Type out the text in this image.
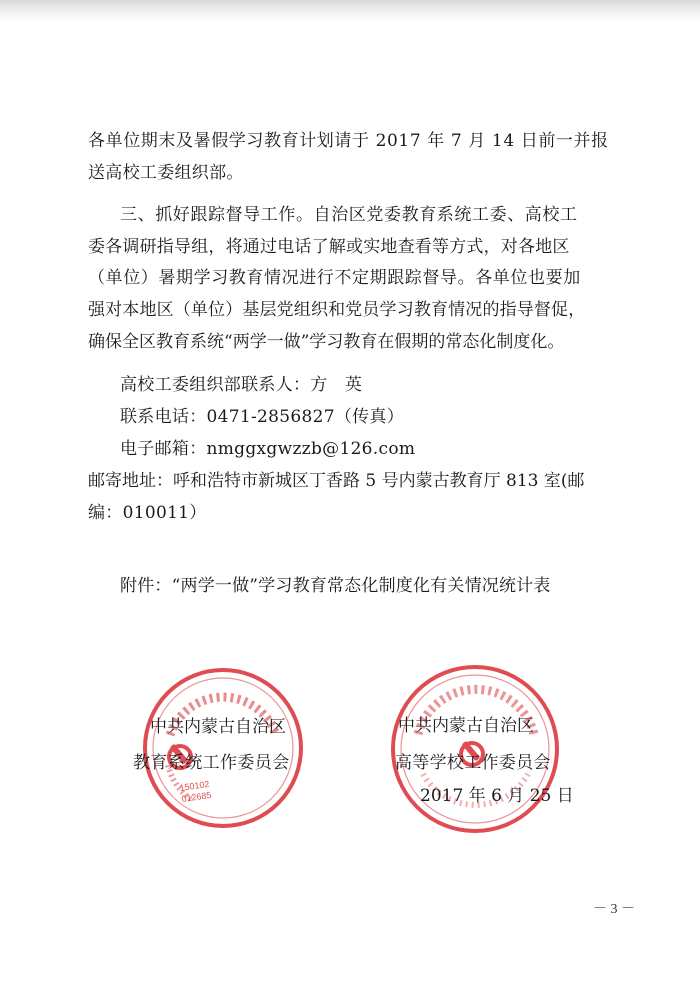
各单位期末及暑假学习教育计划请于 2017 年 7 月 14 日前一并报
送高校工委组织部。
三、抓好跟踪督导工作。自治区党委教育系统工委、高校工
委各调研指导组，将通过电话了解或实地查看等方式，对各地区
（单位）暑期学习教育情况进行不定期跟踪督导。各单位也要加
强对本地区（单位）基层党组织和党员学习教育情况的指导督促，
确保全区教育系统“两学一做”学习教育在假期的常态化制度化。
高校工委组织部联系人：方　英
联系电话：0471-2856827（传真）
电子邮箱：nmggxgwzzb@126.com
邮寄地址：呼和浩特市新城区丁香路 5 号内蒙古教育厅 813 室(邮
编：010011）
附件：“两学一做”学习教育常态化制度化有关情况统计表
150102
012685
中共内蒙古自治区
教育系统工作委员会
中共内蒙古自治区
高等学校工作委员会
2017 年 6 月 25 日
－ 3 －
